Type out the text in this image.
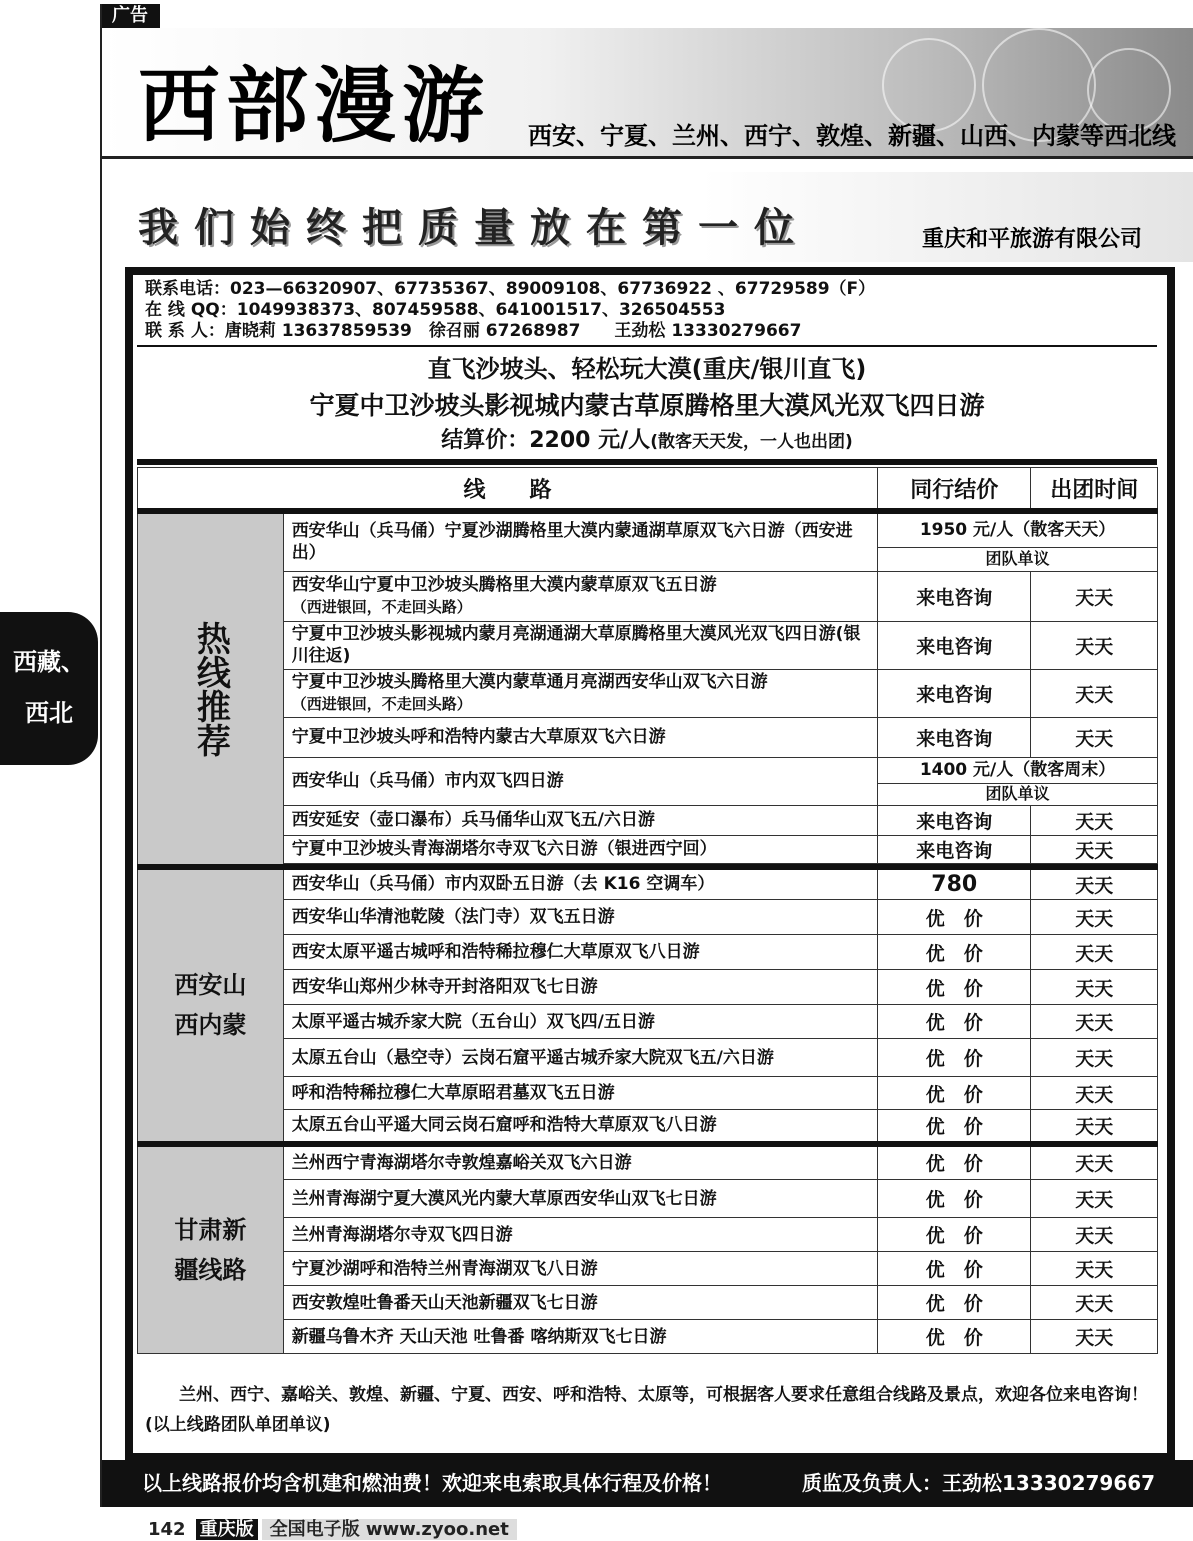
广告
西部漫游 西安、宁夏、兰州、西宁、敦煌、新疆、山西、内蒙等西北线
我们始终把质量放在第一位	重庆和平旅游有限公司
西藏、
西北
联系电话：023—66320907、67735367、89009108、67736922 、67729589（F）
在 线 QQ：1049938373、807459588、641001517、326504553
联 系 人：唐晓莉 13637859539　徐召丽 67268987　　王劲松 13330279667
直飞沙坡头、轻松玩大漠(重庆/银川直飞)
宁夏中卫沙坡头影视城内蒙古草原腾格里大漠风光双飞四日游
结算价：2200 元/人(散客天天发，一人也出团)
线　　路		同行结价	出团时间
热线推荐	西安华山（兵马俑）宁夏沙湖腾格里大漠内蒙通湖草原双飞六日游（西安进出）	1950 元/人（散客天天）	
		团队单议	

	西安华山宁夏中卫沙坡头腾格里大漠内蒙草原双飞五日游
（西进银回，不走回头路）	来电咨询	天天
	宁夏中卫沙坡头影视城内蒙月亮湖通湖大草原腾格里大漠风光双飞四日游(银川往返)	来电咨询	天天

	宁夏中卫沙坡头腾格里大漠内蒙草通月亮湖西安华山双飞六日游
（西进银回，不走回头路）	来电咨询	天天
	宁夏中卫沙坡头呼和浩特内蒙古大草原双飞六日游	来电咨询	天天
	西安华山（兵马俑）市内双飞四日游	1400 元/人（散客周末）	
		团队单议	
	西安延安（壶口瀑布）兵马俑华山双飞五/六日游	来电咨询	天天
	宁夏中卫沙坡头青海湖塔尔寺双飞六日游（银进西宁回）	来电咨询	天天

西安山西内蒙	西安华山（兵马俑）市内双卧五日游（去 K16 空调车）	780	天天
	西安华山华清池乾陵（法门寺）双飞五日游	优　价	天天
	西安太原平遥古城呼和浩特稀拉穆仁大草原双飞八日游	优　价	天天
	西安华山郑州少林寺开封洛阳双飞七日游	优　价	天天
	太原平遥古城乔家大院（五台山）双飞四/五日游	优　价	天天
	太原五台山（悬空寺）云岗石窟平遥古城乔家大院双飞五/六日游	优　价	天天
	呼和浩特稀拉穆仁大草原昭君墓双飞五日游	优　价	天天
	太原五台山平遥大同云岗石窟呼和浩特大草原双飞八日游	优　价	天天
甘肃新疆线路	兰州西宁青海湖塔尔寺敦煌嘉峪关双飞六日游	优　价	天天
	兰州青海湖宁夏大漠风光内蒙大草原西安华山双飞七日游	优　价	天天
	兰州青海湖塔尔寺双飞四日游	优　价	天天
	宁夏沙湖呼和浩特兰州青海湖双飞八日游	优　价	天天
	西安敦煌吐鲁番天山天池新疆双飞七日游	优　价	天天
	新疆乌鲁木齐 天山天池 吐鲁番 喀纳斯双飞七日游	优　价	天天
兰州、西宁、嘉峪关、敦煌、新疆、宁夏、西安、呼和浩特、太原等，可根据客人要求任意组合线路及景点，欢迎各位来电咨询！(以上线路团队单团单议)
以上线路报价均含机建和燃油费！欢迎来电索取具体行程及价格！	质监及负责人：王劲松13330279667
142 重庆版 全国电子版 www.zyoo.net
